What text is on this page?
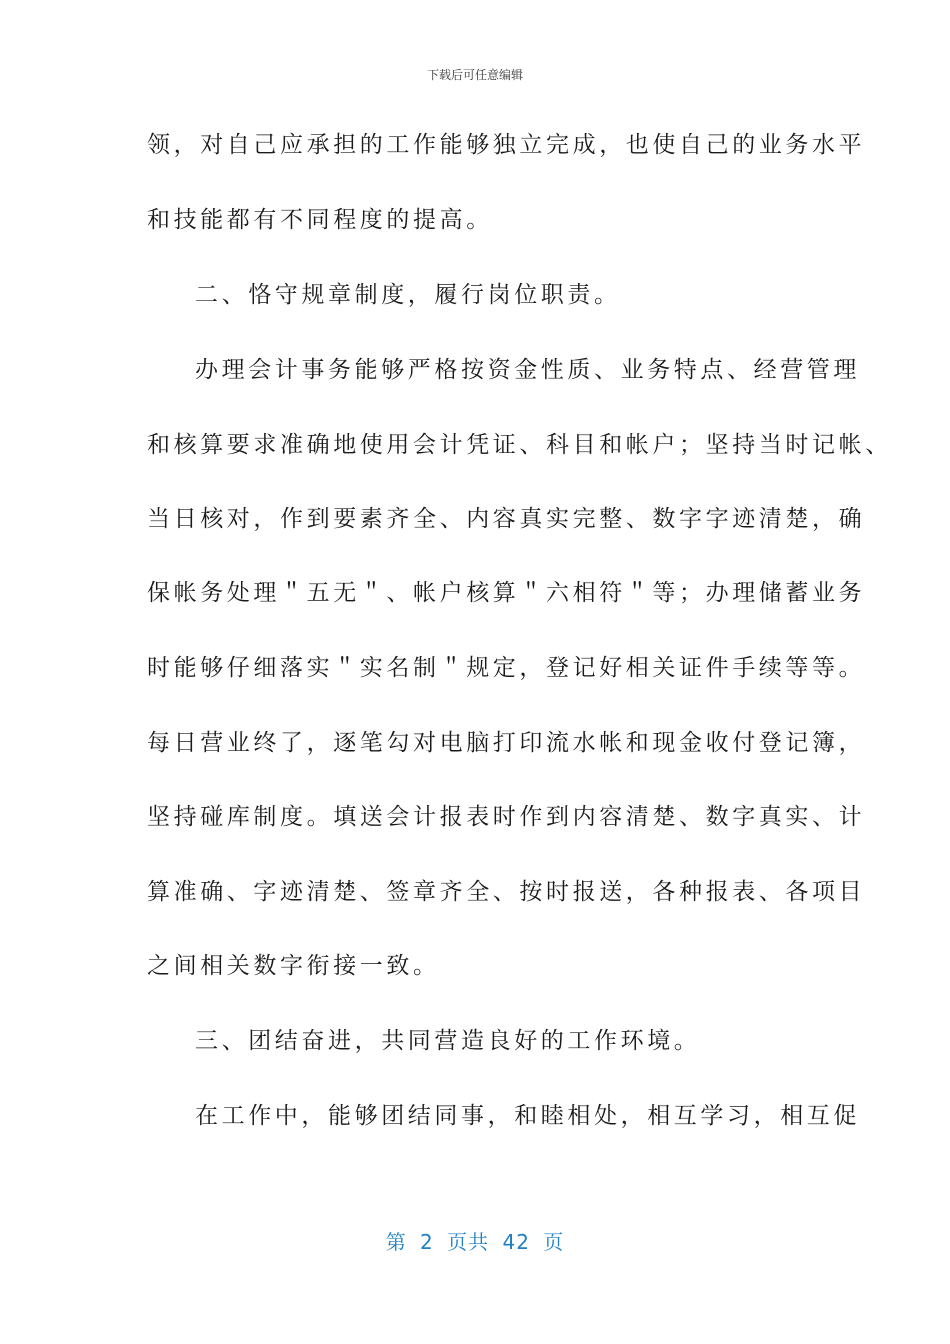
下载后可任意编辑
领，对自己应承担的工作能够独立完成，也使自己的业务水平
和技能都有不同程度的提高。
二、恪守规章制度，履行岗位职责。
办理会计事务能够严格按资金性质、业务特点、经营管理
和核算要求准确地使用会计凭证、科目和帐户；坚持当时记帐、
当日核对，作到要素齐全、内容真实完整、数字字迹清楚，确
保帐务处理＂五无＂、帐户核算＂六相符＂等；办理储蓄业务
时能够仔细落实＂实名制＂规定，登记好相关证件手续等等。
每日营业终了，逐笔勾对电脑打印流水帐和现金收付登记簿，
坚持碰库制度。填送会计报表时作到内容清楚、数字真实、计
算准确、字迹清楚、签章齐全、按时报送，各种报表、各项目
之间相关数字衔接一致。
三、团结奋进，共同营造良好的工作环境。
在工作中，能够团结同事，和睦相处，相互学习，相互促
第 2 页共 42 页
